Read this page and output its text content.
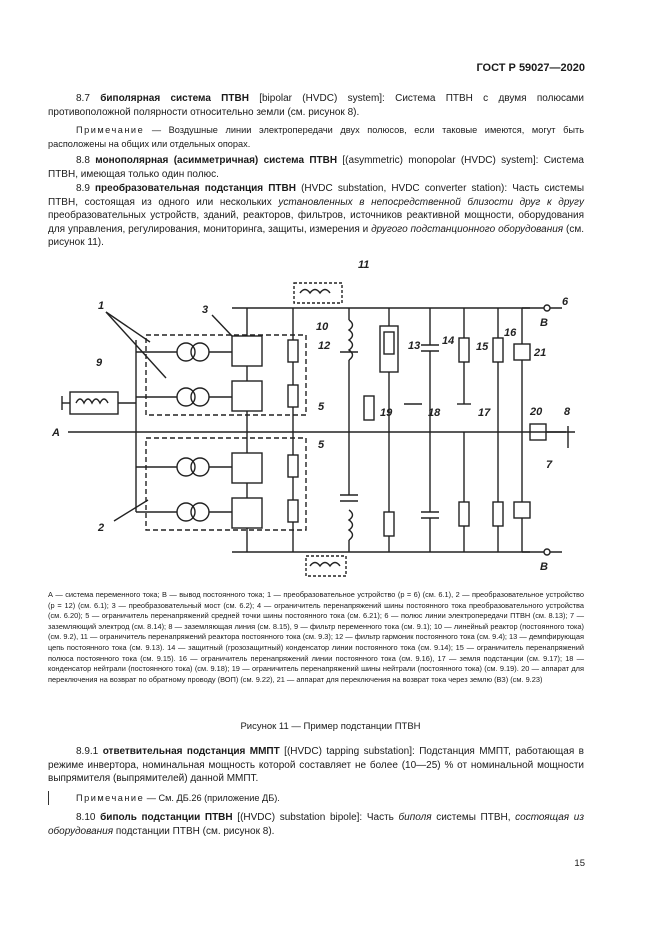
ГОСТ Р 59027—2020
8.7 биполярная система ПТВН [bipolar (HVDC) system]: Система ПТВН с двумя полюсами противоположной полярности относительно земли (см. рисунок 8).
Примечание — Воздушные линии электропередачи двух полюсов, если таковые имеются, могут быть расположены на общих или отдельных опорах.
8.8 монополярная (асимметричная) система ПТВН [(asymmetric) monopolar (HVDC) system]: Система ПТВН, имеющая только один полюс.
8.9 преобразовательная подстанция ПТВН (HVDC substation, HVDC converter station): Часть системы ПТВН, состоящая из одного или нескольких установленных в непосредственной близости друг к другу преобразовательных устройств, зданий, реакторов, фильтров, источников реактивной мощности, оборудования для управления, регулирования, мониторинга, защиты, измерения и другого подстанционного оборудования (см. рисунок 11).
1
2
3
5
5
7
8
9
10
11
12	13 14 15
16
17
18
19	20
21
6
B
B
A
А — система переменного тока; В — вывод постоянного тока; 1 — преобразовательное устройство (p = 6) (см. 6.1), 2 — преобразовательное устройство (p = 12) (см. 6.1); 3 — преобразовательный мост (см. 6.2); 4 — ограничитель перенапряжений шины постоянного тока преобразовательного устройства (см. 6.20); 5 — ограничитель перенапряжений средней точки шины постоянного тока (см. 6.21); 6 — полюс линии электропередачи ПТВН (см. 8.13); 7 — заземляющий электрод (см. 8.14); 8 — заземляющая линия (см. 8.15), 9 — фильтр переменного тока (см. 9.1); 10 — линейный реактор (постоянного тока) (см. 9.2), 11 — ограничитель перенапряжений реактора постоянного тока (см. 9.3); 12 — фильтр гармоник постоянного тока (см. 9.4); 13 — демпфирующая цепь постоянного тока (см. 9.13). 14 — защитный (грозозащитный) конденсатор линии постоянного тока (см. 9.14); 15 — ограничитель перенапряжений полюса постоянного тока (см. 9.15). 16 — ограничитель перенапряжений линии постоянного тока (см. 9.16), 17 — земля подстанции (см. 9.17); 18 — конденсатор нейтрали (постоянного тока) (см. 9.18); 19 — ограничитель перенапряжений шины нейтрали (постоянного тока) (см. 9.19). 20 — аппарат для переключения на возврат по обратному проводу (ВОП) (см. 9.22), 21 — аппарат для переключения на возврат тока через землю (ВЗ) (см. 9.23)
Рисунок 11 — Пример подстанции ПТВН
8.9.1 ответвительная подстанция ММПТ [(HVDC) tapping substation]: Подстанция ММПТ, работающая в режиме инвертора, номинальная мощность которой составляет не более (10—25) % от номинальной мощности выпрямителя (выпрямителей) данной ММПТ.
Примечание — См. ДБ.26 (приложение ДБ).
8.10 биполь подстанции ПТВН [(HVDC) substation bipole]: Часть биполя системы ПТВН, состоящая из оборудования подстанции ПТВН (см. рисунок 8).
15
